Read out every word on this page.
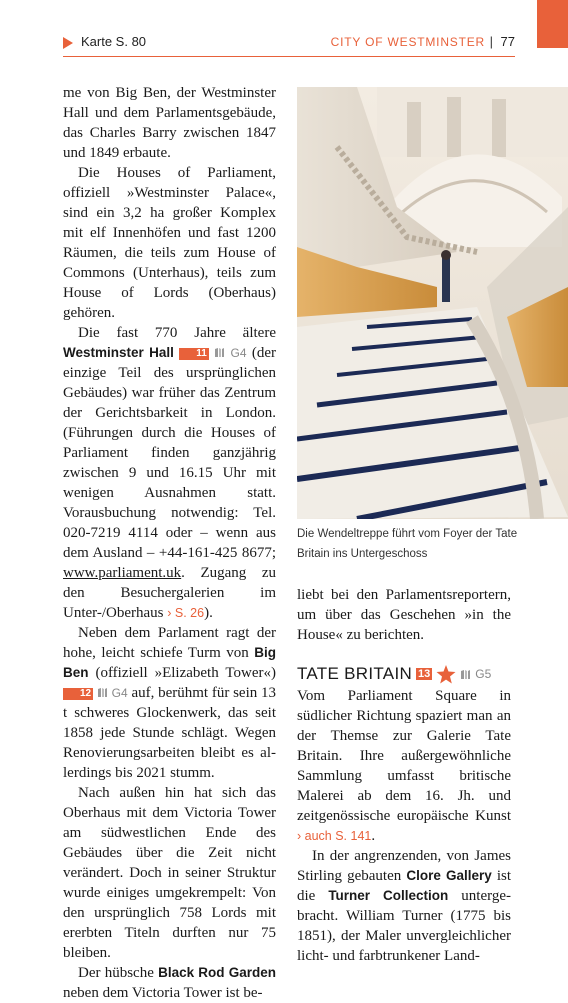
Karte S. 80	CITY OF WESTMINSTER | 77

me von Big Ben, der Westminster Hall und dem Parlamentsgebäude, das Charles Barry zwischen 1847 und 1849 erbaute.

Die Houses of Parliament, offiziell »Westminster Palace«, sind ein 3,2 ha großer Komplex mit elf Innenhöfen und fast 1200 Räumen, die teils zum House of Commons (Unterhaus), teils zum House of Lords (Oberhaus) gehören.

Die fast 770 Jahre ältere Westminster Hall 11 G4 (der einzige Teil des ursprünglichen Gebäudes) war früher das Zentrum der Gerichtsbarkeit in London. (Führungen durch die Houses of Parliament finden ganzjährig zwischen 9 und 16.15 Uhr mit wenigen Ausnahmen statt. Vorausbuchung notwendig: Tel. 020-7219 4114 oder – wenn aus dem Ausland – +44-161-425 8677; www.parliament.uk. Zugang zu den Besuchergalerien im Unter-/Oberhaus › S. 26).

Neben dem Parlament ragt der hohe, leicht schiefe Turm von Big Ben (offiziell »Elizabeth Tower«) 12 G4 auf, berühmt für sein 13 t schweres Glockenwerk, das seit 1858 jede Stunde schlägt. Wegen Renovierungsarbeiten bleibt es allerdings bis 2021 stumm.

Nach außen hin hat sich das Oberhaus mit dem Victoria Tower am südwestlichen Ende des Gebäudes über die Zeit nicht verändert. Doch in seiner Struktur wurde einiges umgekrempelt: Von den ursprünglich 758 Lords mit ererbten Titeln durften nur 75 bleiben.

Der hübsche Black Rod Garden neben dem Victoria Tower ist be-

Die Wendeltreppe führt vom Foyer der Tate Britain ins Untergeschoss

liebt bei den Parlamentsreportern, um über das Geschehen »in the House« zu berichten.

TATE BRITAIN 13	G5

Vom Parliament Square in südlicher Richtung spaziert man an der Themse zur Galerie Tate Britain. Ihre außergewöhnliche Sammlung umfasst britische Malerei ab dem 16. Jh. und zeitgenössische europäische Kunst › auch S. 141.

In der angrenzenden, von James Stirling gebauten Clore Gallery ist die Turner Collection untergebracht. William Turner (1775 bis 1851), der Maler unvergleichlicher licht- und farbtrunkener Land-
